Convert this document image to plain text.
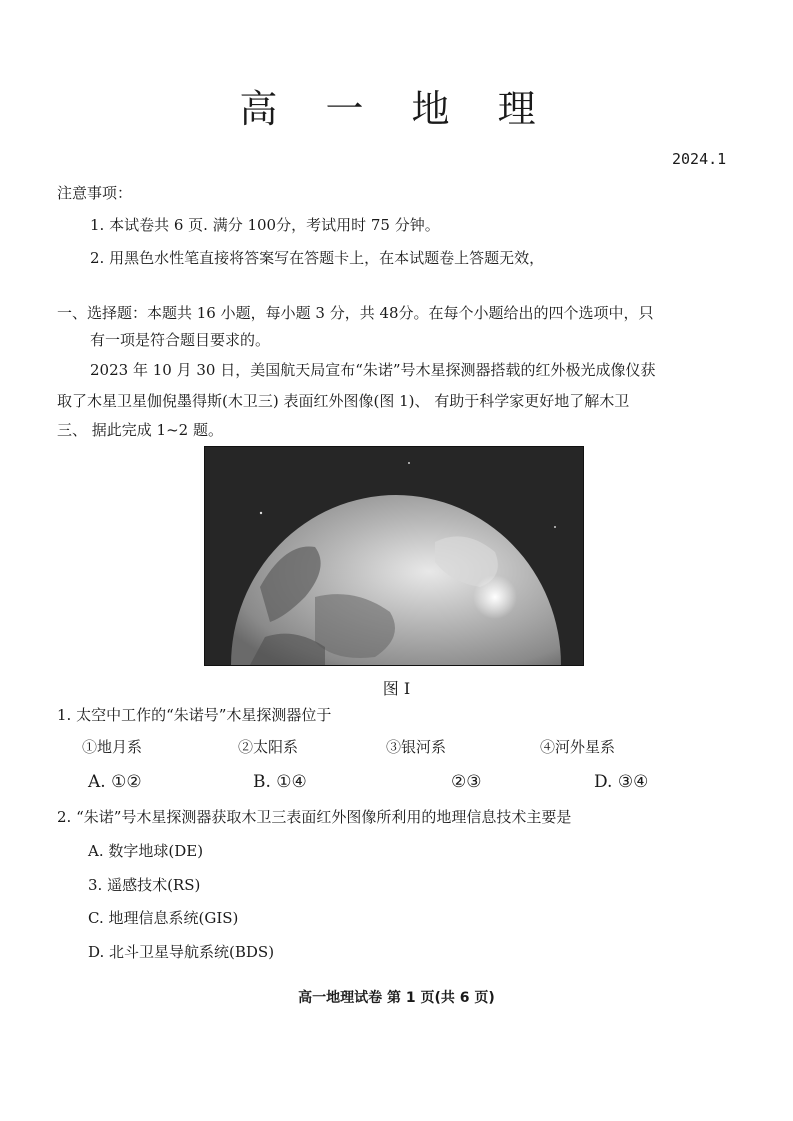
高 一 地 理
2024.1
注意事项：
1. 本试卷共 6 页. 满分 100分，考试用时 75 分钟。
2. 用黑色水性笔直接将答案写在答题卡上，在本试题卷上答题无效，
一、选择题：本题共 16 小题，每小题 3 分，共 48分。在每个小题给出的四个选项中，只
有一项是符合题目要求的。
2023 年 10 月 30 日，美国航天局宣布“朱诺”号木星探测器搭载的红外极光成像仪获
取了木星卫星伽倪墨得斯(木卫三) 表面红外图像(图 1)、 有助于科学家更好地了解木卫
三、 据此完成 1~2 题。
图 I
1. 太空中工作的“朱诺号”木星探测器位于
①地月系	②太阳系	③银河系	④河外星系
A. ①②	B. ①④	②③	D. ③④
2. “朱诺”号木星探测器获取木卫三表面红外图像所利用的地理信息技术主要是
A. 数字地球(DE)
3. 遥感技术(RS)
C. 地理信息系统(GIS)
D. 北斗卫星导航系统(BDS)
高一地理试卷 第 1 页(共 6 页)
